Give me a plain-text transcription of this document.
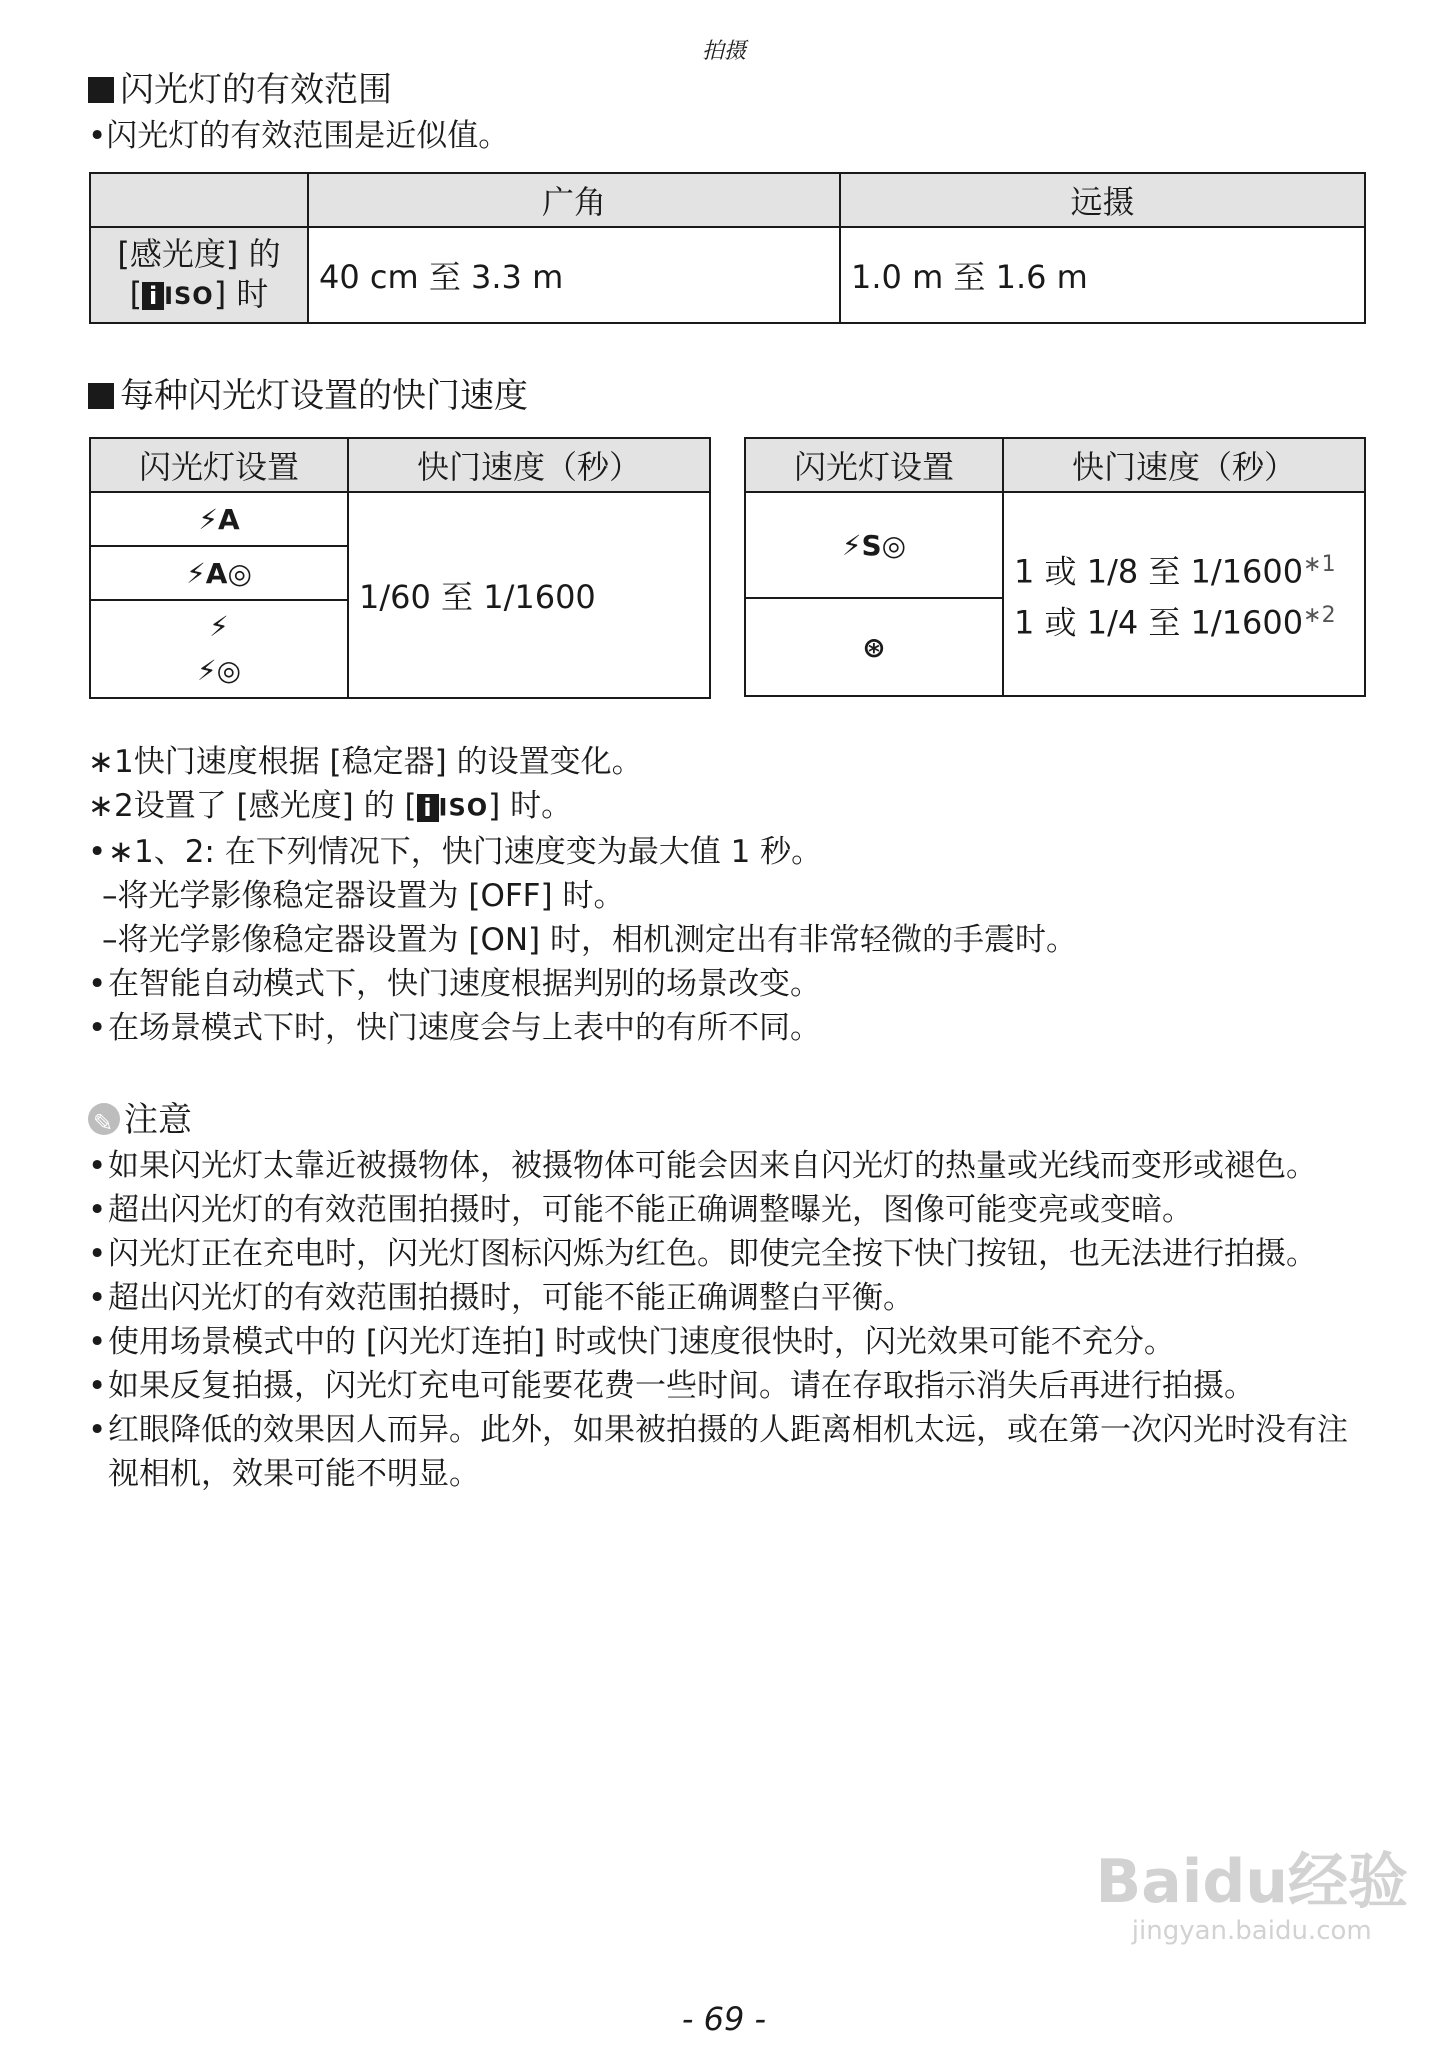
拍摄
闪光灯的有效范围
•闪光灯的有效范围是近似值。
	广角	远摄

[感光度] 的
[ i ISO] 时	40 cm 至 3.3 m	1.0 m 至 1.6 m
每种闪光灯设置的快门速度
闪光灯设置	快门速度（秒）
⚡A	1/60 至 1/1600
⚡A◎	

⚡
⚡◎	
闪光灯设置	快门速度（秒）
⚡S◎	1 或 1/8 至 $1/1600^{∗1}$
1 或 1/4 至 $1/1600^{∗2}$

⊛	
∗1快门速度根据 [稳定器] 的设置变化。
∗2设置了 [感光度] 的 [ i ISO] 时。
• ∗1、2: 在下列情况下，快门速度变为最大值 1 秒。
–将光学影像稳定器设置为 [OFF] 时。
–将光学影像稳定器设置为 [ON] 时，相机测定出有非常轻微的手震时。
• 在智能自动模式下，快门速度根据判别的场景改变。
• 在场景模式下时，快门速度会与上表中的有所不同。
✎注意
• 如果闪光灯太靠近被摄物体，被摄物体可能会因来自闪光灯的热量或光线而变形或褪色。
• 超出闪光灯的有效范围拍摄时，可能不能正确调整曝光，图像可能变亮或变暗。
• 闪光灯正在充电时，闪光灯图标闪烁为红色。即使完全按下快门按钮，也无法进行拍摄。
• 超出闪光灯的有效范围拍摄时，可能不能正确调整白平衡。
• 使用场景模式中的 [闪光灯连拍] 时或快门速度很快时，闪光效果可能不充分。
• 如果反复拍摄，闪光灯充电可能要花费一些时间。请在存取指示消失后再进行拍摄。
• 红眼降低的效果因人而异。此外，如果被拍摄的人距离相机太远，或在第一次闪光时没有注视相机，效果可能不明显。
Baidu经验
jingyan.baidu.com
- 69 -
